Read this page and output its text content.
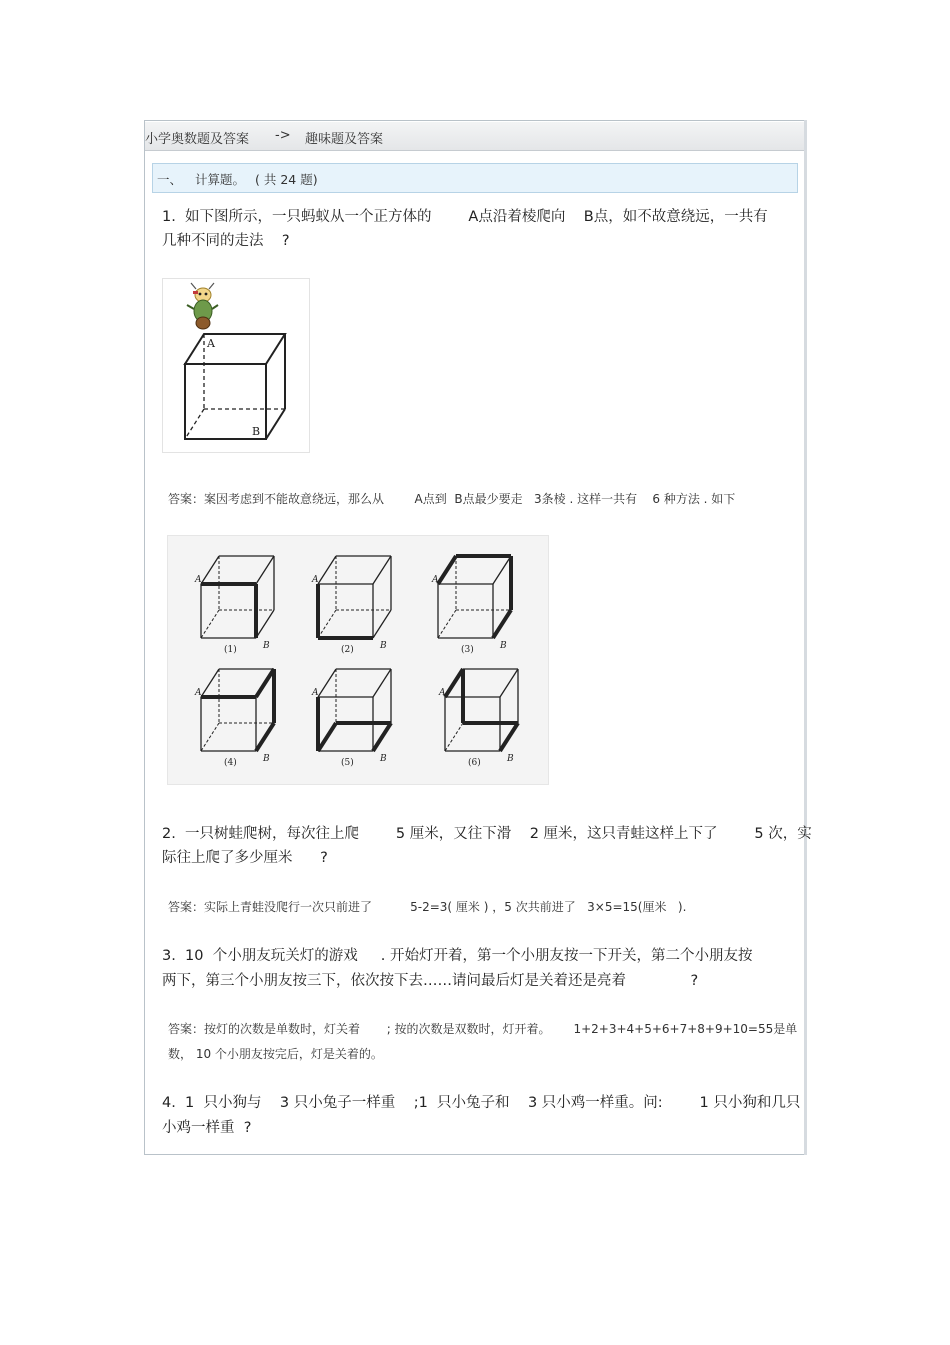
小学奥数题及答案 -> 趣味题及答案
一、 计算题。 ( 共 24 题)
1.  如下图所示，一只蚂蚁从一个正方体的        A点沿着棱爬向    B点，如不故意绕远，一共有
几种不同的走法    ?
A
B
答案：案因考虑到不能故意绕远，那么从        A点到  B点最少要走   3条棱 . 这样一共有    6 种方法 . 如下
A
B
(1)
A
B
(2)
A
B
(3)
A
B
(4)
A
B
(5)
A
B
(6)
2.  一只树蛙爬树，每次往上爬        5 厘米，又往下滑    2 厘米，这只青蛙这样上下了        5 次，实
际往上爬了多少厘米      ?
答案：实际上青蛙没爬行一次只前进了          5-2=3( 厘米 ) ，5 次共前进了   3×5=15(厘米   ).
3.  10  个小朋友玩关灯的游戏     . 开始灯开着，第一个小朋友按一下开关，第二个小朋友按
两下，第三个小朋友按三下，依次按下去……请问最后灯是关着还是亮着              ?
答案：按灯的次数是单数时，灯关着       ; 按的次数是双数时，灯开着。      1+2+3+4+5+6+7+8+9+10=55是单
数， 10 个小朋友按完后，灯是关着的。
4.  1  只小狗与    3 只小兔子一样重    ;1  只小兔子和    3 只小鸡一样重。问:        1 只小狗和几只
小鸡一样重  ?
